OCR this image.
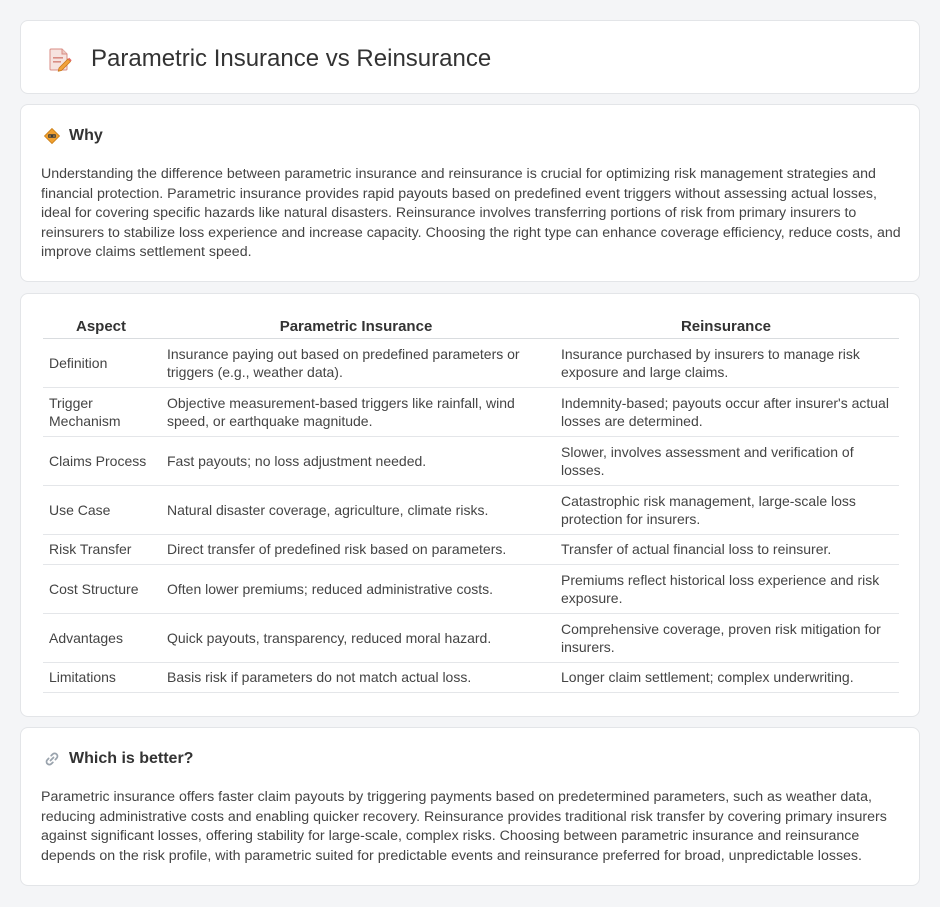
Parametric Insurance vs Reinsurance
Why

Understanding the difference between parametric insurance and reinsurance is crucial for optimizing risk management strategies and financial protection. Parametric insurance provides rapid payouts based on predefined event triggers without assessing actual losses, ideal for covering specific hazards like natural disasters. Reinsurance involves transferring portions of risk from primary insurers to reinsurers to stabilize loss experience and increase capacity. Choosing the right type can enhance coverage efficiency, reduce costs, and improve claims settlement speed.

Aspect	Parametric Insurance	Reinsurance
Definition	Insurance paying out based on predefined parameters or triggers (e.g., weather data).	Insurance purchased by insurers to manage risk exposure and large claims.
Trigger Mechanism	Objective measurement-based triggers like rainfall, wind speed, or earthquake magnitude.	Indemnity-based; payouts occur after insurer's actual losses are determined.
Claims Process	Fast payouts; no loss adjustment needed.	Slower, involves assessment and verification of losses.
Use Case	Natural disaster coverage, agriculture, climate risks.	Catastrophic risk management, large-scale loss protection for insurers.
Risk Transfer	Direct transfer of predefined risk based on parameters.	Transfer of actual financial loss to reinsurer.
Cost Structure	Often lower premiums; reduced administrative costs.	Premiums reflect historical loss experience and risk exposure.
Advantages	Quick payouts, transparency, reduced moral hazard.	Comprehensive coverage, proven risk mitigation for insurers.
Limitations	Basis risk if parameters do not match actual loss.	Longer claim settlement; complex underwriting.
Which is better?

Parametric insurance offers faster claim payouts by triggering payments based on predetermined parameters, such as weather data, reducing administrative costs and enabling quicker recovery. Reinsurance provides traditional risk transfer by covering primary insurers against significant losses, offering stability for large-scale, complex risks. Choosing between parametric insurance and reinsurance depends on the risk profile, with parametric suited for predictable events and reinsurance preferred for broad, unpredictable losses.
